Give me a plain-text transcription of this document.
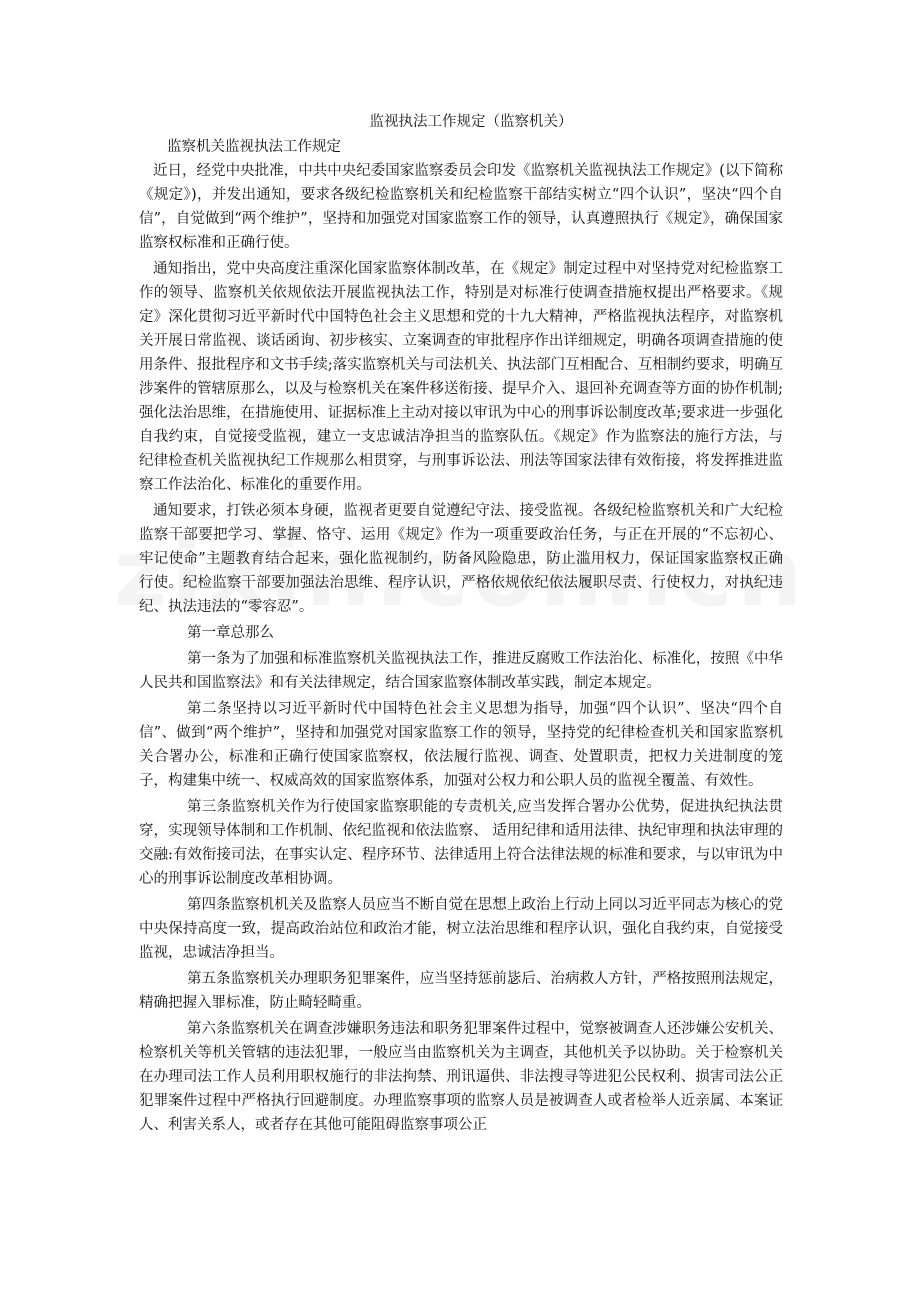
监视执法工作规定（监察机关）
监察机关监视执法工作规定

近日，经党中央批准，中共中央纪委国家监察委员会印发《监察机关监视执法工作规定》(以下简称《规定》)，并发出通知，要求各级纪检监察机关和纪检监察干部结实树立“四个认识”，坚决“四个自信”，自觉做到“两个维护”，坚持和加强党对国家监察工作的领导，认真遵照执行《规定》，确保国家监察权标准和正确行使。

通知指出，党中央高度注重深化国家监察体制改革，在《规定》制定过程中对坚持党对纪检监察工作的领导、监察机关依规依法开展监视执法工作，特别是对标准行使调查措施权提出严格要求。《规定》深化贯彻习近平新时代中国特色社会主义思想和党的十九大精神，严格监视执法程序，对监察机关开展日常监视、谈话函询、初步核实、立案调查的审批程序作出详细规定，明确各项调查措施的使用条件、报批程序和文书手续;落实监察机关与司法机关、执法部门互相配合、互相制约要求，明确互涉案件的管辖原那么，以及与检察机关在案件移送衔接、提早介入、退回补充调查等方面的协作机制;强化法治思维，在措施使用、证据标准上主动对接以审讯为中心的刑事诉讼制度改革;要求进一步强化自我约束，自觉接受监视，建立一支忠诚洁净担当的监察队伍。《规定》作为监察法的施行方法，与纪律检查机关监视执纪工作规那么相贯穿，与刑事诉讼法、刑法等国家法律有效衔接，将发挥推进监察工作法治化、标准化的重要作用。

通知要求，打铁必须本身硬，监视者更要自觉遵纪守法、接受监视。各级纪检监察机关和广大纪检监察干部要把学习、掌握、恪守、运用《规定》作为一项重要政治任务，与正在开展的“不忘初心、牢记使命”主题教育结合起来，强化监视制约，防备风险隐患，防止滥用权力，保证国家监察权正确行使。纪检监察干部要加强法治思维、程序认识，严格依规依纪依法履职尽责、行使权力，对执纪违纪、执法违法的“零容忍”。

第一章总那么

第一条为了加强和标准监察机关监视执法工作，推进反腐败工作法治化、标准化，按照《中华人民共和国监察法》和有关法律规定，结合国家监察体制改革实践，制定本规定。

第二条坚持以习近平新时代中国特色社会主义思想为指导，加强“四个认识”、坚决“四个自信”、做到“两个维护”，坚持和加强党对国家监察工作的领导，坚持党的纪律检查机关和国家监察机关合署办公，标准和正确行使国家监察权，依法履行监视、调查、处置职责，把权力关进制度的笼子，构建集中统一、权威高效的国家监察体系，加强对公权力和公职人员的监视全覆盖、有效性。

第三条监察机关作为行使国家监察职能的专责机关,应当发挥合署办公优势，促进执纪执法贯穿，实现领导体制和工作机制、依纪监视和依法监察、 适用纪律和适用法律、执纪审理和执法审理的交融:有效衔接司法，在事实认定、程序环节、法律适用上符合法律法规的标准和要求，与以审讯为中心的刑事诉讼制度改革相协调。

第四条监察机机关及监察人员应当不断自觉在思想上政治上行动上同以习近平同志为核心的党中央保持高度一致，提高政治站位和政治才能，树立法治思维和程序认识，强化自我约束，自觉接受监视，忠诚洁净担当。

第五条监察机关办理职务犯罪案件，应当坚持惩前毖后、治病救人方针，严格按照刑法规定，精确把握入罪标准，防止畸轻畸重。

第六条监察机关在调查涉嫌职务违法和职务犯罪案件过程中，觉察被调查人还涉嫌公安机关、检察机关等机关管辖的违法犯罪，一般应当由监察机关为主调查，其他机关予以协助。关于检察机关在办理司法工作人员利用职权施行的非法拘禁、刑讯逼供、非法搜寻等进犯公民权利、损害司法公正犯罪案件过程中严格执行回避制度。办理监察事项的监察人员是被调查人或者检举人近亲属、本案证人、利害关系人，或者存在其他可能阻碍监察事项公正
